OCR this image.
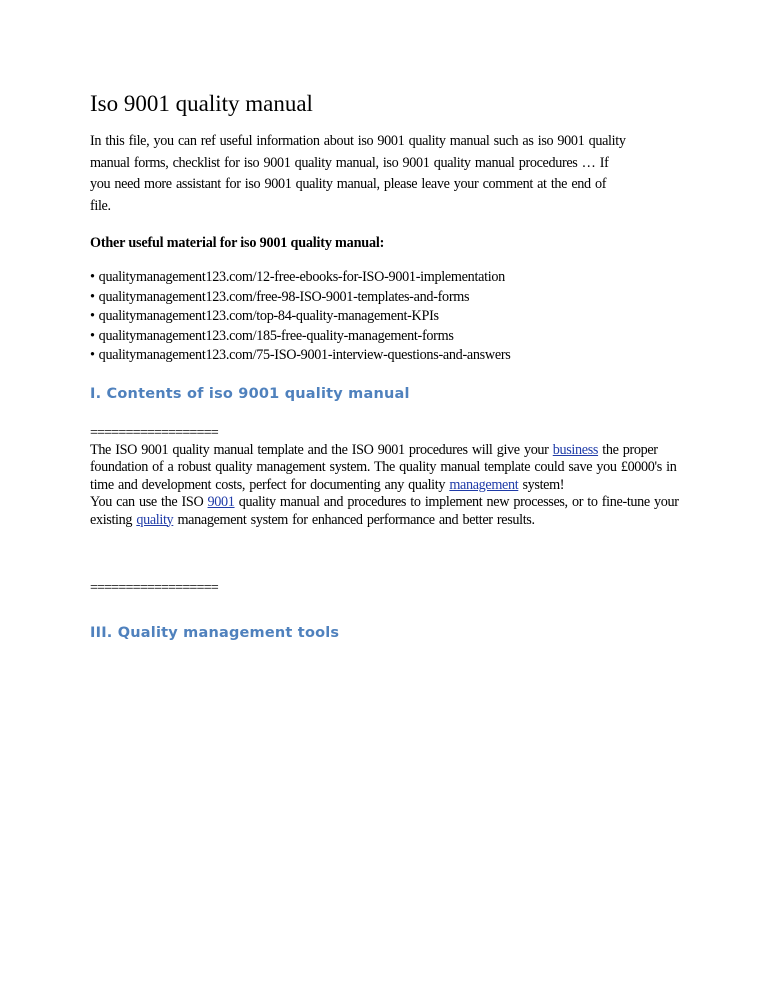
Iso 9001 quality manual
In this file, you can ref useful information about iso 9001 quality manual such as iso 9001 quality
manual forms, checklist for iso 9001 quality manual, iso 9001 quality manual procedures … If
you need more assistant for iso 9001 quality manual, please leave your comment at the end of
file.
Other useful material for iso 9001 quality manual:
• qualitymanagement123.com/12-free-ebooks-for-ISO-9001-implementation
• qualitymanagement123.com/free-98-ISO-9001-templates-and-forms
• qualitymanagement123.com/top-84-quality-management-KPIs
• qualitymanagement123.com/185-free-quality-management-forms
• qualitymanagement123.com/75-ISO-9001-interview-questions-and-answers
I. Contents of iso 9001 quality manual
==================

The ISO 9001 quality manual template and the ISO 9001 procedures will give your business the proper foundation of a robust quality management system. The quality manual template could save you £0000's in time and development costs, perfect for documenting any quality management system!

You can use the ISO 9001 quality manual and procedures to implement new processes, or to fine-tune your existing quality management system for enhanced performance and better results.

==================
III. Quality management tools
